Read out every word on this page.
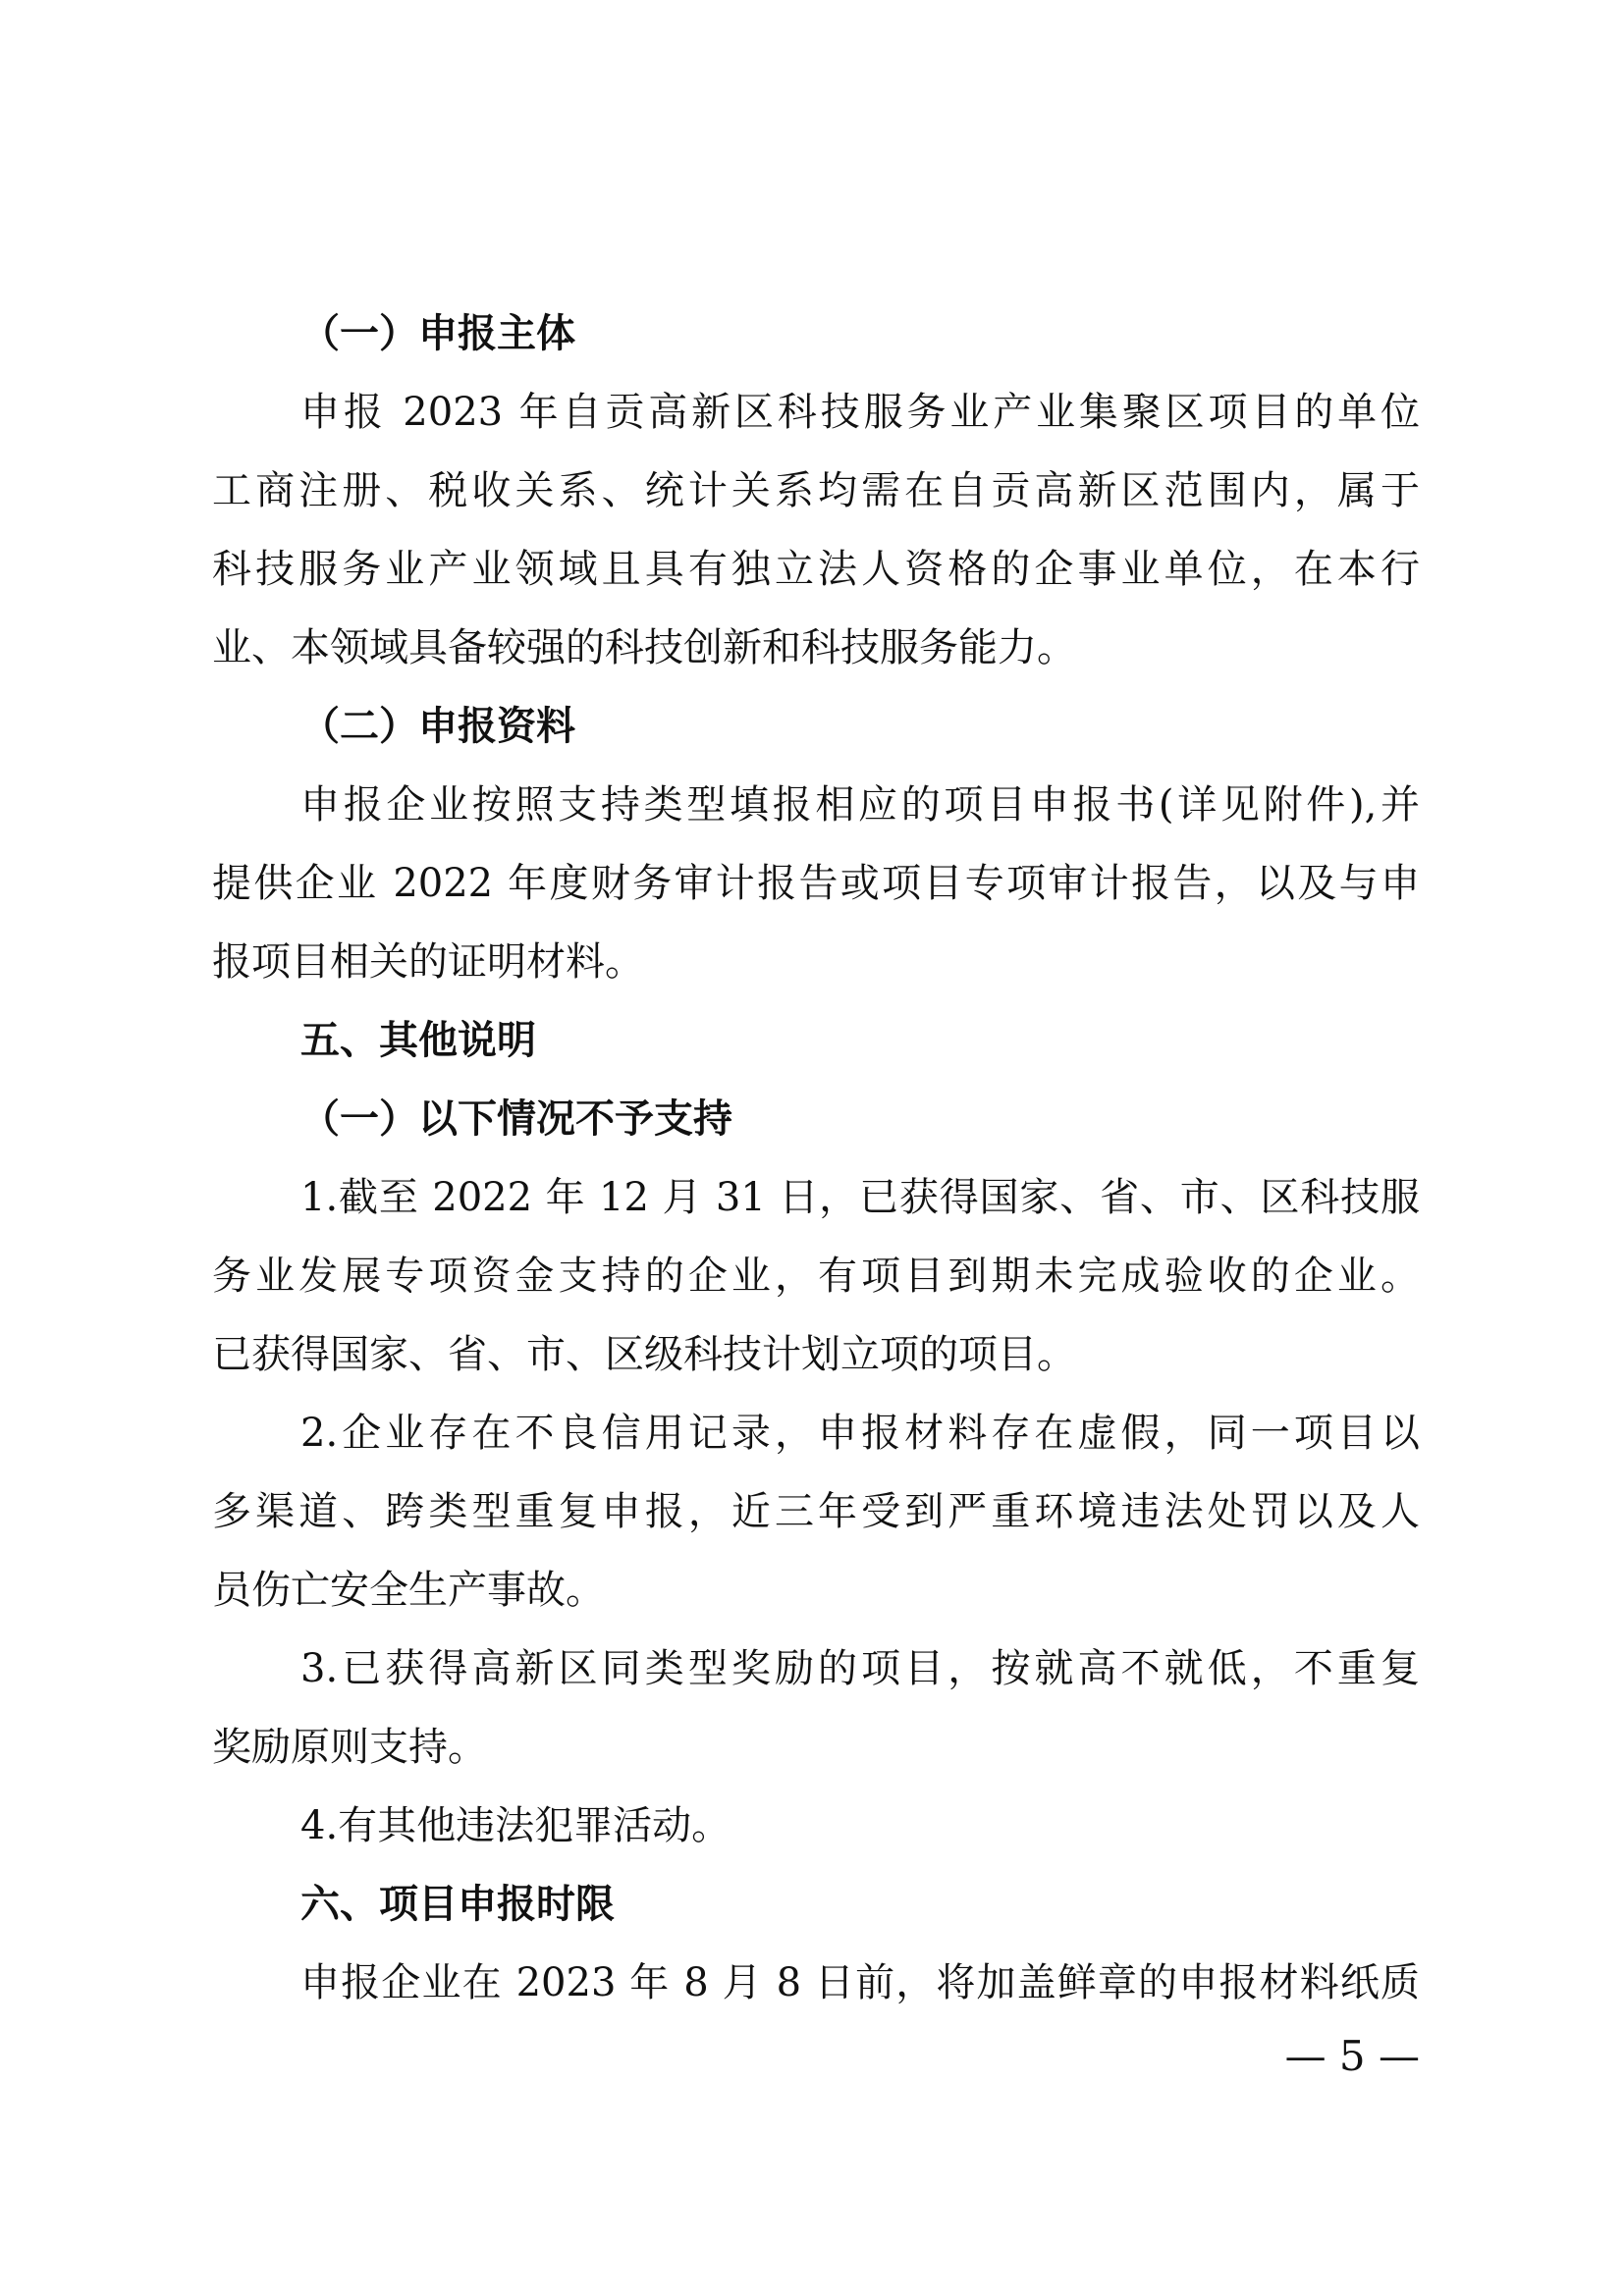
（一）申报主体
申报 2023 年自贡高新区科技服务业产业集聚区项目的单位
工商注册、税收关系、统计关系均需在自贡高新区范围内，属于
科技服务业产业领域且具有独立法人资格的企事业单位，在本行
业、本领域具备较强的科技创新和科技服务能力。
（二）申报资料
申报企业按照支持类型填报相应的项目申报书(详见附件),并
提供企业 2022 年度财务审计报告或项目专项审计报告，以及与申
报项目相关的证明材料。
五、其他说明
（一）以下情况不予支持
1.截至 2022 年 12 月 31 日，已获得国家、省、市、区科技服
务业发展专项资金支持的企业，有项目到期未完成验收的企业。
已获得国家、省、市、区级科技计划立项的项目。
2.企业存在不良信用记录，申报材料存在虚假，同一项目以
多渠道、跨类型重复申报，近三年受到严重环境违法处罚以及人
员伤亡安全生产事故。
3.已获得高新区同类型奖励的项目，按就高不就低，不重复
奖励原则支持。
4.有其他违法犯罪活动。
六、项目申报时限
申报企业在 2023 年 8 月 8 日前，将加盖鲜章的申报材料纸质
— 5 —
